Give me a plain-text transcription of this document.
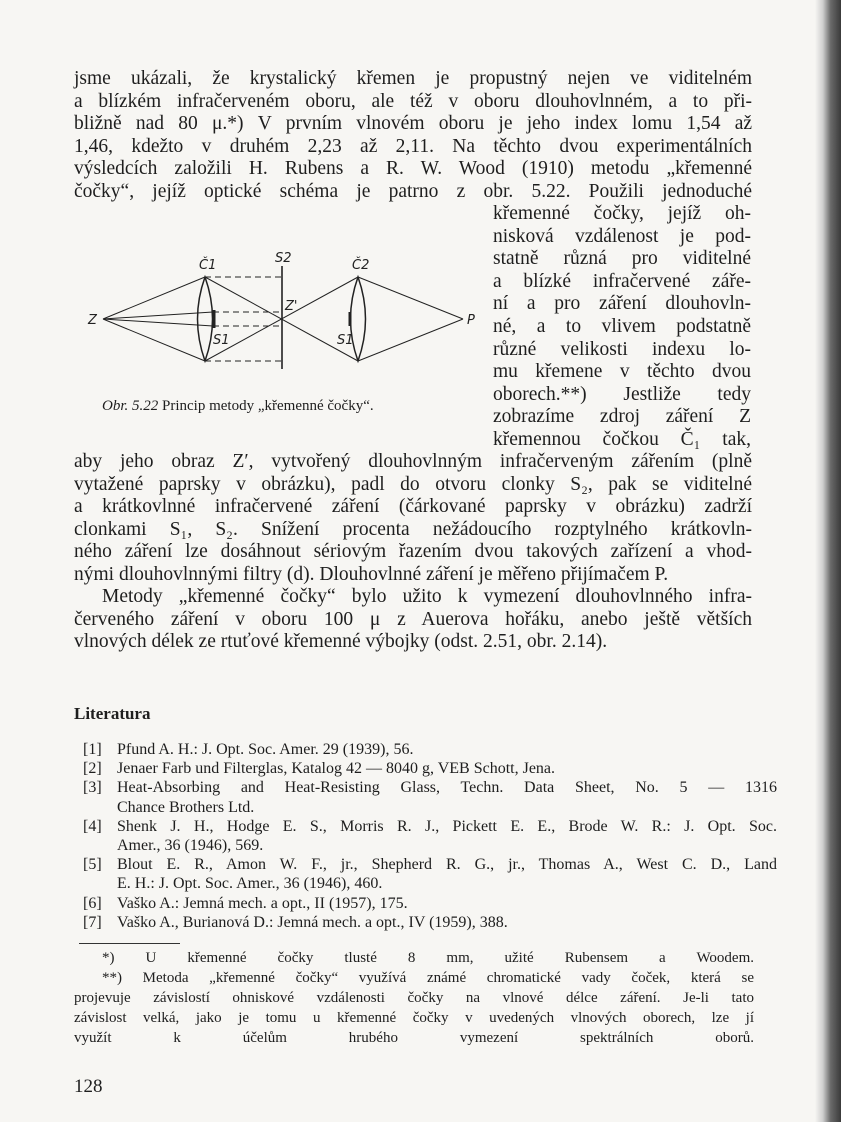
jsme ukázali, že krystalický křemen je propustný nejen ve viditelném
a blízkém infračerveném oboru, ale též v oboru dlouhovlnném, a to při-
bližně nad 80 μ.*) V prvním vlnovém oboru je jeho index lomu 1,54 až
1,46, kdežto v druhém 2,23 až 2,11. Na těchto dvou experimentálních
výsledcích založili H. Rubens a R. W. Wood (1910) metodu „křemenné
čočky“, jejíž optické schéma je patrno z obr. 5.22. Použili jednoduché
křemenné čočky, jejíž oh-
nisková vzdálenost je pod-
statně různá pro viditelné
a blízké infračervené záře-
ní a pro záření dlouhovln-
né, a to vlivem podstatně
různé velikosti indexu lo-
mu křemene v těchto dvou
oborech.**) Jestliže tedy
zobrazíme zdroj záření Z
křemennou čočkou Č₁ tak,
aby jeho obraz Z′, vytvořený dlouhovlnným infračerveným zářením (plně
vytažené paprsky v obrázku), padl do otvoru clonky S₂, pak se viditelné
a krátkovlnné infračervené záření (čárkované paprsky v obrázku) zadrží
clonkami S₁, S₂. Snížení procenta nežádoucího rozptylného krátkovln-
ného záření lze dosáhnout sériovým řazením dvou takových zařízení a vhod-
nými dlouhovlnnými filtry (d). Dlouhovlnné záření je měřeno přijímačem P.
Metody „křemenné čočky“ bylo užito k vymezení dlouhovlnného infra-
červeného záření v oboru 100 μ z Auerova hořáku, anebo ještě větších
vlnových délek ze rtuťové křemenné výbojky (odst. 2.51, obr. 2.14).
Z
Č1	S2	Č2
Z'
S1	S1
P
Obr. 5.22 Princip metody „křemenné čočky“.
Literatura
[1] Pfund A. H.: J. Opt. Soc. Amer. 29 (1939), 56.
[2] Jenaer Farb und Filterglas, Katalog 42 — 8040 g, VEB Schott, Jena.
[3] Heat-Absorbing and Heat-Resisting Glass, Techn. Data Sheet, No. 5 — 1316
Chance Brothers Ltd.
[4] Shenk J. H., Hodge E. S., Morris R. J., Pickett E. E., Brode W. R.: J. Opt. Soc.
Amer., 36 (1946), 569.
[5] Blout E. R., Amon W. F., jr., Shepherd R. G., jr., Thomas A., West C. D., Land
E. H.: J. Opt. Soc. Amer., 36 (1946), 460.
[6] Vaško A.: Jemná mech. a opt., II (1957), 175.
[7] Vaško A., Burianová D.: Jemná mech. a opt., IV (1959), 388.
*) U křemenné čočky tlusté 8 mm, užité Rubensem a Woodem.
**) Metoda „křemenné čočky“ využívá známé chromatické vady čoček, která se
projevuje závislostí ohniskové vzdálenosti čočky na vlnové délce záření. Je-li tato
závislost velká, jako je tomu u křemenné čočky v uvedených vlnových oborech, lze jí
využít k účelům hrubého vymezení spektrálních oborů.
128
